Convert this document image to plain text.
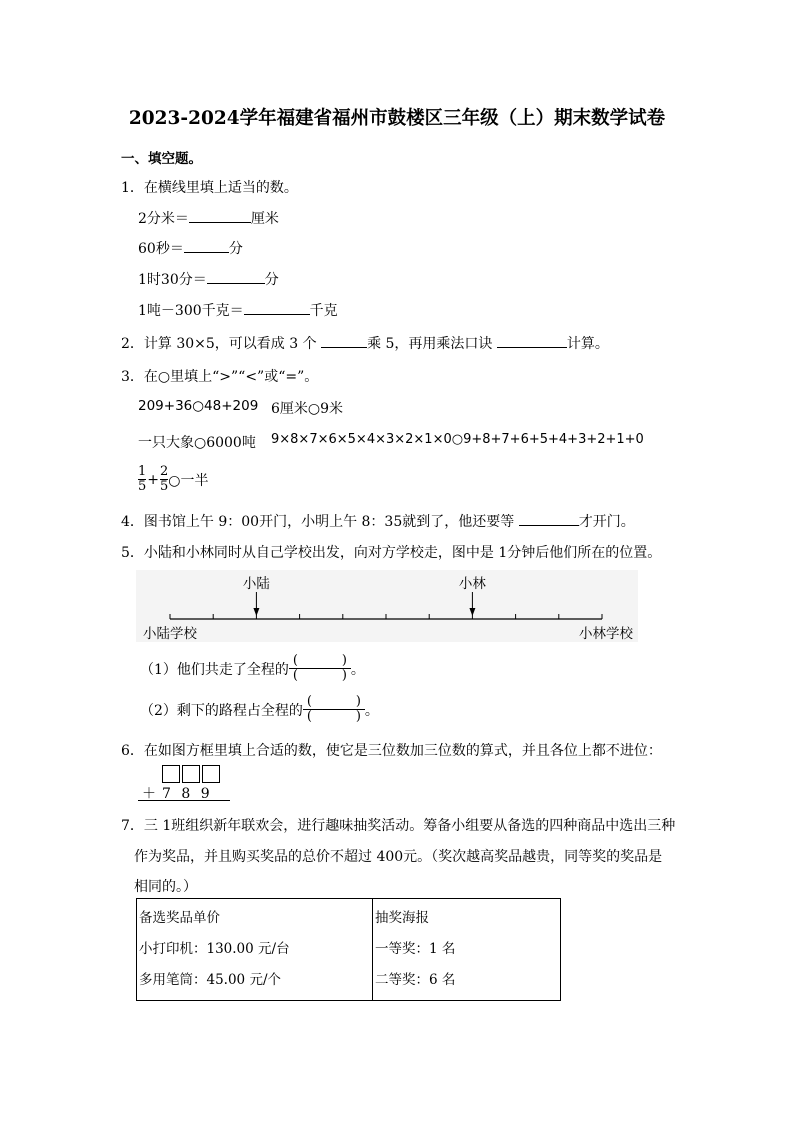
2023-2024学年福建省福州市鼓楼区三年级（上）期末数学试卷
一、填空题。
1．在横线里填上适当的数。
2分米＝	厘米
60秒＝	分
1时30分＝	分
1吨－300千克＝	千克
2．计算 30×5，可以看成 3 个	乘 5，再用乘法口诀	计算。
3．在○里填上“>”“<”或“=”。
209+36○48+209 6厘米○9米
一只大象○6000吨 9×8×7×6×5×4×3×2×1×0○9+8+7+6+5+4+3+2+1+0
$\frac{1}{5} + \frac{2}{5}$ ○一半
4．图书馆上午 9：00开门，小明上午 8：35就到了，他还要等	才开门。
5．小陆和小林同时从自己学校出发，向对方学校走，图中是 1分钟后他们所在的位置。
小陆	小林
小陆学校	小林学校
（1）他们共走了全程的 (	)
(	) 。
（2）剩下的路程占全程的 (	)
(	) 。
6．在如图方框里填上合适的数，使它是三位数加三位数的算式，并且各位上都不进位：
＋ 7 8 9
7．三 1班组织新年联欢会，进行趣味抽奖活动。筹备小组要从备选的四种商品中选出三种
作为奖品，并且购买奖品的总价不超过 400元。（奖次越高奖品越贵，同等奖的奖品是
相同的。）
备选奖品单价
小打印机：130.00 元/台
多用笔筒：45.00 元/个

抽奖海报
一等奖：1 名
二等奖：6 名
